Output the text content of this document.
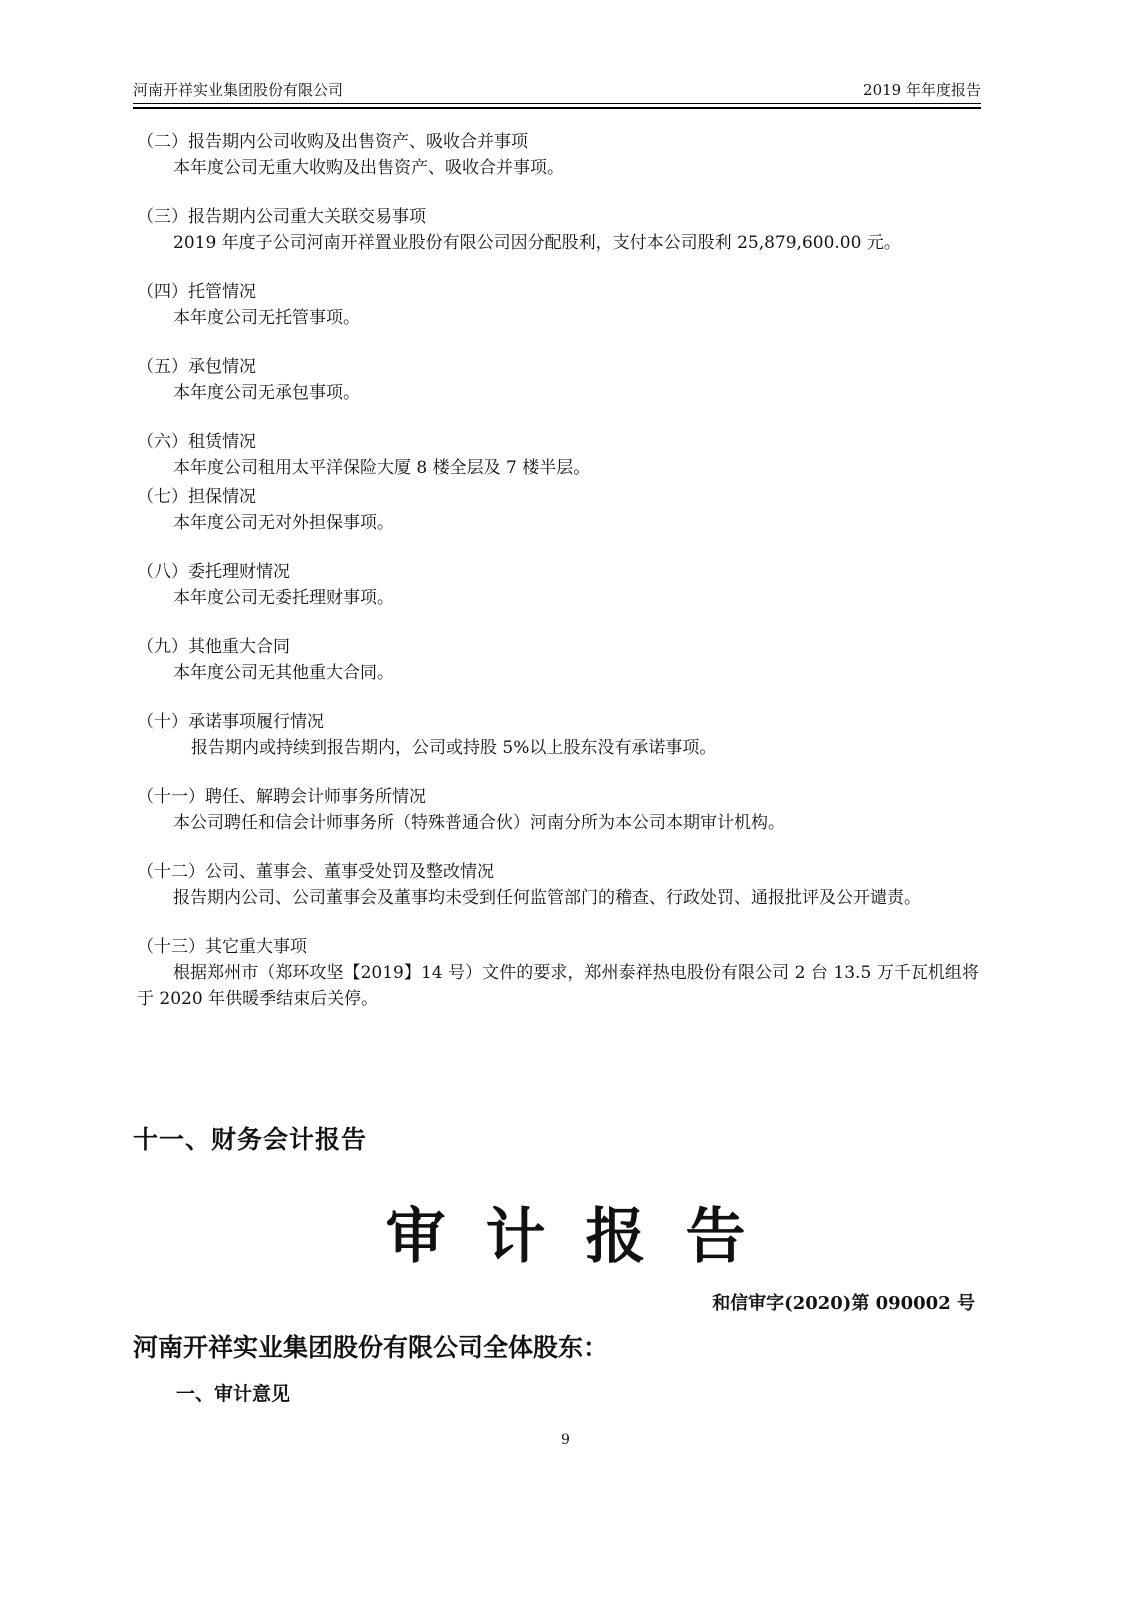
河南开祥实业集团股份有限公司	2019 年年度报告
（二）报告期内公司收购及出售资产、吸收合并事项
本年度公司无重大收购及出售资产、吸收合并事项。
（三）报告期内公司重大关联交易事项
2019 年度子公司河南开祥置业股份有限公司因分配股利，支付本公司股利 25,879,600.00 元。
（四）托管情况
本年度公司无托管事项。
（五）承包情况
本年度公司无承包事项。
（六）租赁情况
本年度公司租用太平洋保险大厦 8 楼全层及 7 楼半层。
（七）担保情况
本年度公司无对外担保事项。
（八）委托理财情况
本年度公司无委托理财事项。
（九）其他重大合同
本年度公司无其他重大合同。
（十）承诺事项履行情况
报告期内或持续到报告期内，公司或持股 5%以上股东没有承诺事项。
（十一）聘任、解聘会计师事务所情况
本公司聘任和信会计师事务所（特殊普通合伙）河南分所为本公司本期审计机构。
（十二）公司、董事会、董事受处罚及整改情况
报告期内公司、公司董事会及董事均未受到任何监管部门的稽查、行政处罚、通报批评及公开谴责。
（十三）其它重大事项
根据郑州市（郑环攻坚【2019】14 号）文件的要求，郑州泰祥热电股份有限公司 2 台 13.5 万千瓦机组将于 2020 年供暖季结束后关停。
十一、财务会计报告
审计报告
和信审字(2020)第 090002 号
河南开祥实业集团股份有限公司全体股东：
一、审计意见
9
